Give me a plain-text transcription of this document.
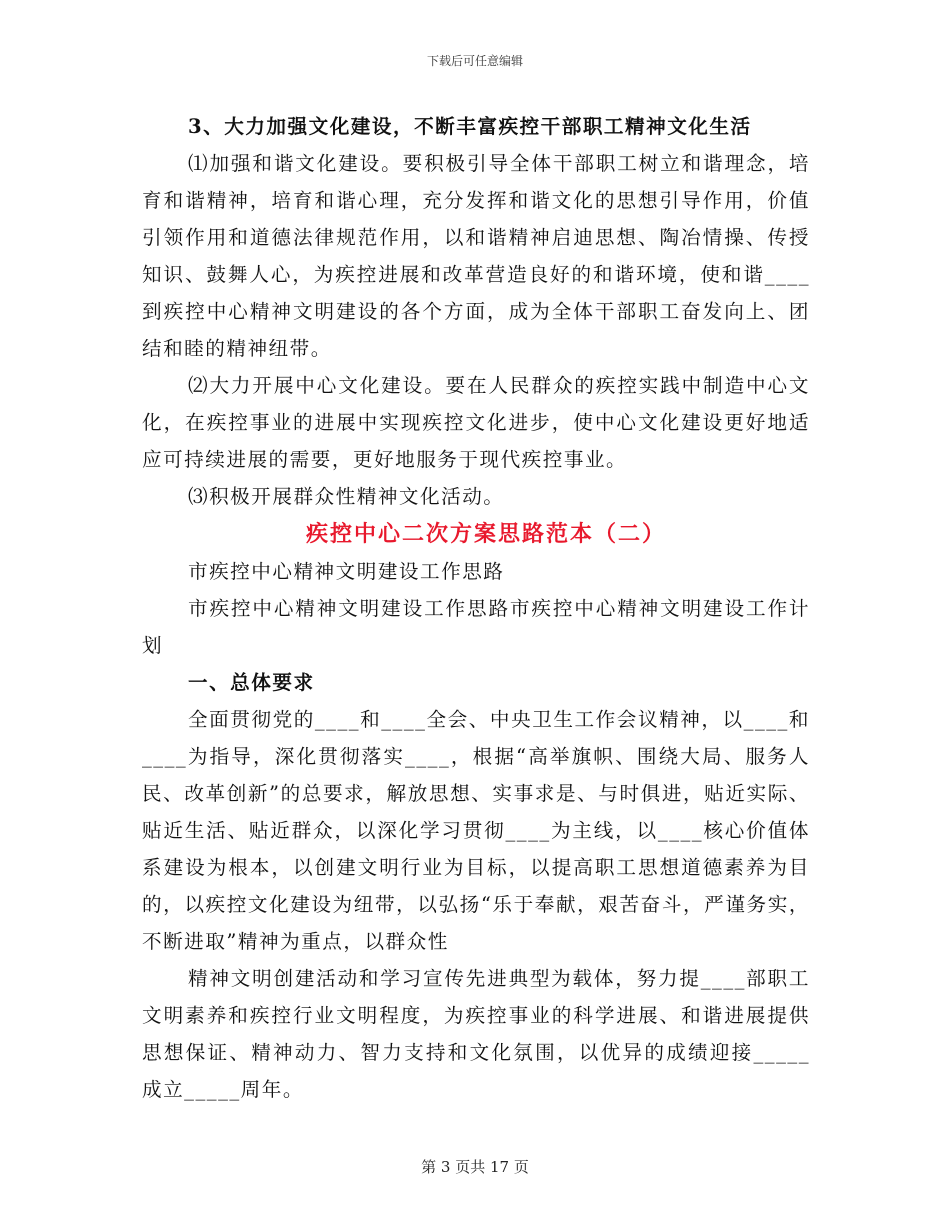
下载后可任意编辑

3、大力加强文化建设，不断丰富疾控干部职工精神文化生活

⑴加强和谐文化建设。要积极引导全体干部职工树立和谐理念，培育和谐精神，培育和谐心理，充分发挥和谐文化的思想引导作用，价值引领作用和道德法律规范作用，以和谐精神启迪思想、陶冶情操、传授知识、鼓舞人心，为疾控进展和改革营造良好的和谐环境，使和谐____到疾控中心精神文明建设的各个方面，成为全体干部职工奋发向上、团结和睦的精神纽带。

⑵大力开展中心文化建设。要在人民群众的疾控实践中制造中心文化，在疾控事业的进展中实现疾控文化进步，使中心文化建设更好地适应可持续进展的需要，更好地服务于现代疾控事业。

⑶积极开展群众性精神文化活动。

疾控中心二次方案思路范本（二）

市疾控中心精神文明建设工作思路

市疾控中心精神文明建设工作思路市疾控中心精神文明建设工作计划

一、总体要求

全面贯彻党的____和____全会、中央卫生工作会议精神，以____和____为指导，深化贯彻落实____，根据“高举旗帜、围绕大局、服务人民、改革创新”的总要求，解放思想、实事求是、与时俱进，贴近实际、贴近生活、贴近群众，以深化学习贯彻____为主线，以____核心价值体系建设为根本，以创建文明行业为目标，以提高职工思想道德素养为目的，以疾控文化建设为纽带，以弘扬“乐于奉献，艰苦奋斗，严谨务实，不断进取”精神为重点，以群众性

精神文明创建活动和学习宣传先进典型为载体，努力提____部职工文明素养和疾控行业文明程度，为疾控事业的科学进展、和谐进展提供思想保证、精神动力、智力支持和文化氛围，以优异的成绩迎接_____成立_____周年。

第 3 页共 17 页
